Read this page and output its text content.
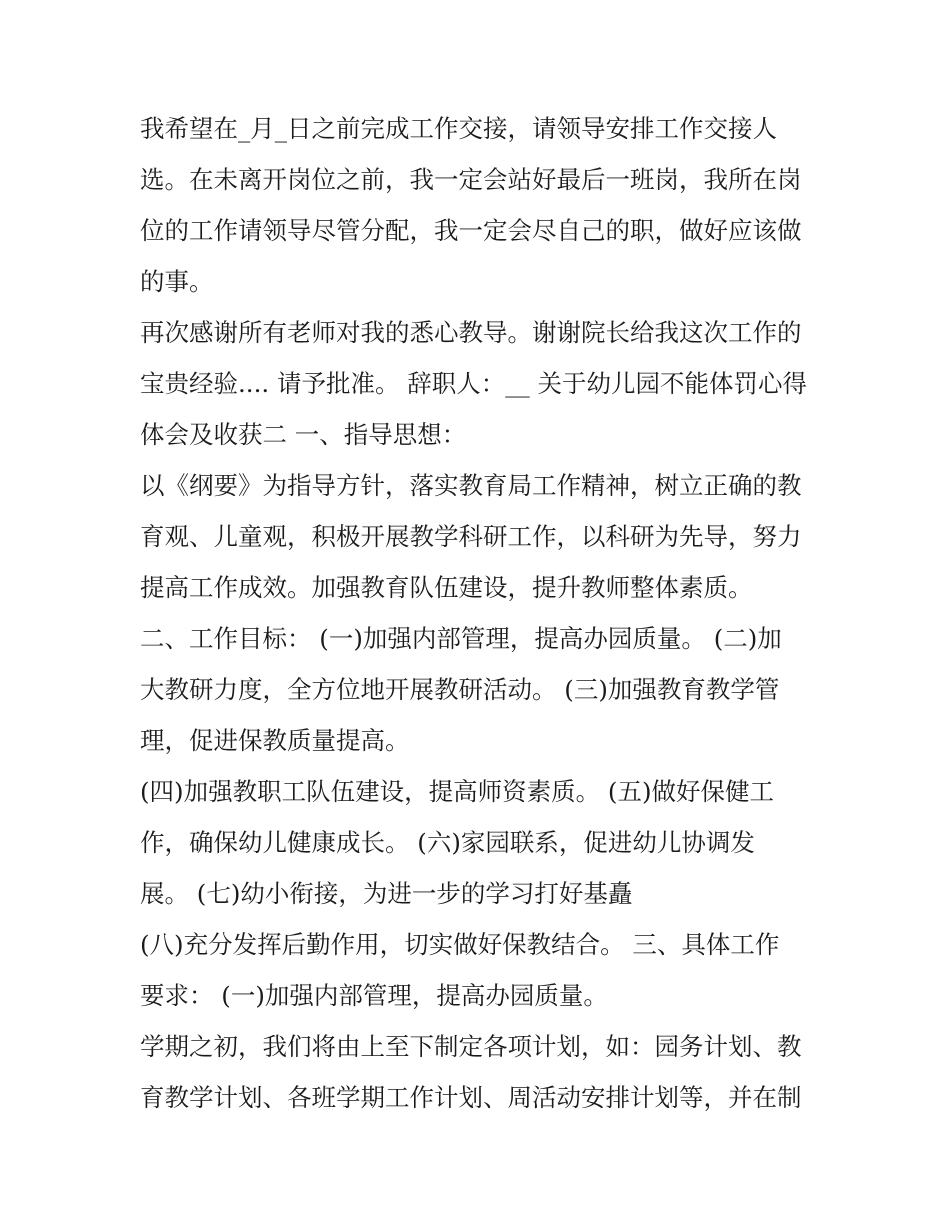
我希望在_月_日之前完成工作交接，请领导安排工作交接人
选。在未离开岗位之前，我一定会站好最后一班岗，我所在岗
位的工作请领导尽管分配，我一定会尽自己的职，做好应该做
的事。
再次感谢所有老师对我的悉心教导。谢谢院长给我这次工作的
宝贵经验.... 请予批准。 辞职人：__ 关于幼儿园不能体罚心得
体会及收获二 一、指导思想：
以《纲要》为指导方针，落实教育局工作精神，树立正确的教
育观、儿童观，积极开展教学科研工作，以科研为先导，努力
提高工作成效。加强教育队伍建设，提升教师整体素质。
二、工作目标： (一)加强内部管理，提高办园质量。 (二)加
大教研力度，全方位地开展教研活动。 (三)加强教育教学管
理，促进保教质量提高。
(四)加强教职工队伍建设，提高师资素质。 (五)做好保健工
作，确保幼儿健康成长。 (六)家园联系，促进幼儿协调发
展。 (七)幼小衔接，为进一步的学习打好基矗
(八)充分发挥后勤作用，切实做好保教结合。 三、具体工作
要求： (一)加强内部管理，提高办园质量。
学期之初，我们将由上至下制定各项计划，如：园务计划、教
育教学计划、各班学期工作计划、周活动安排计划等，并在制
